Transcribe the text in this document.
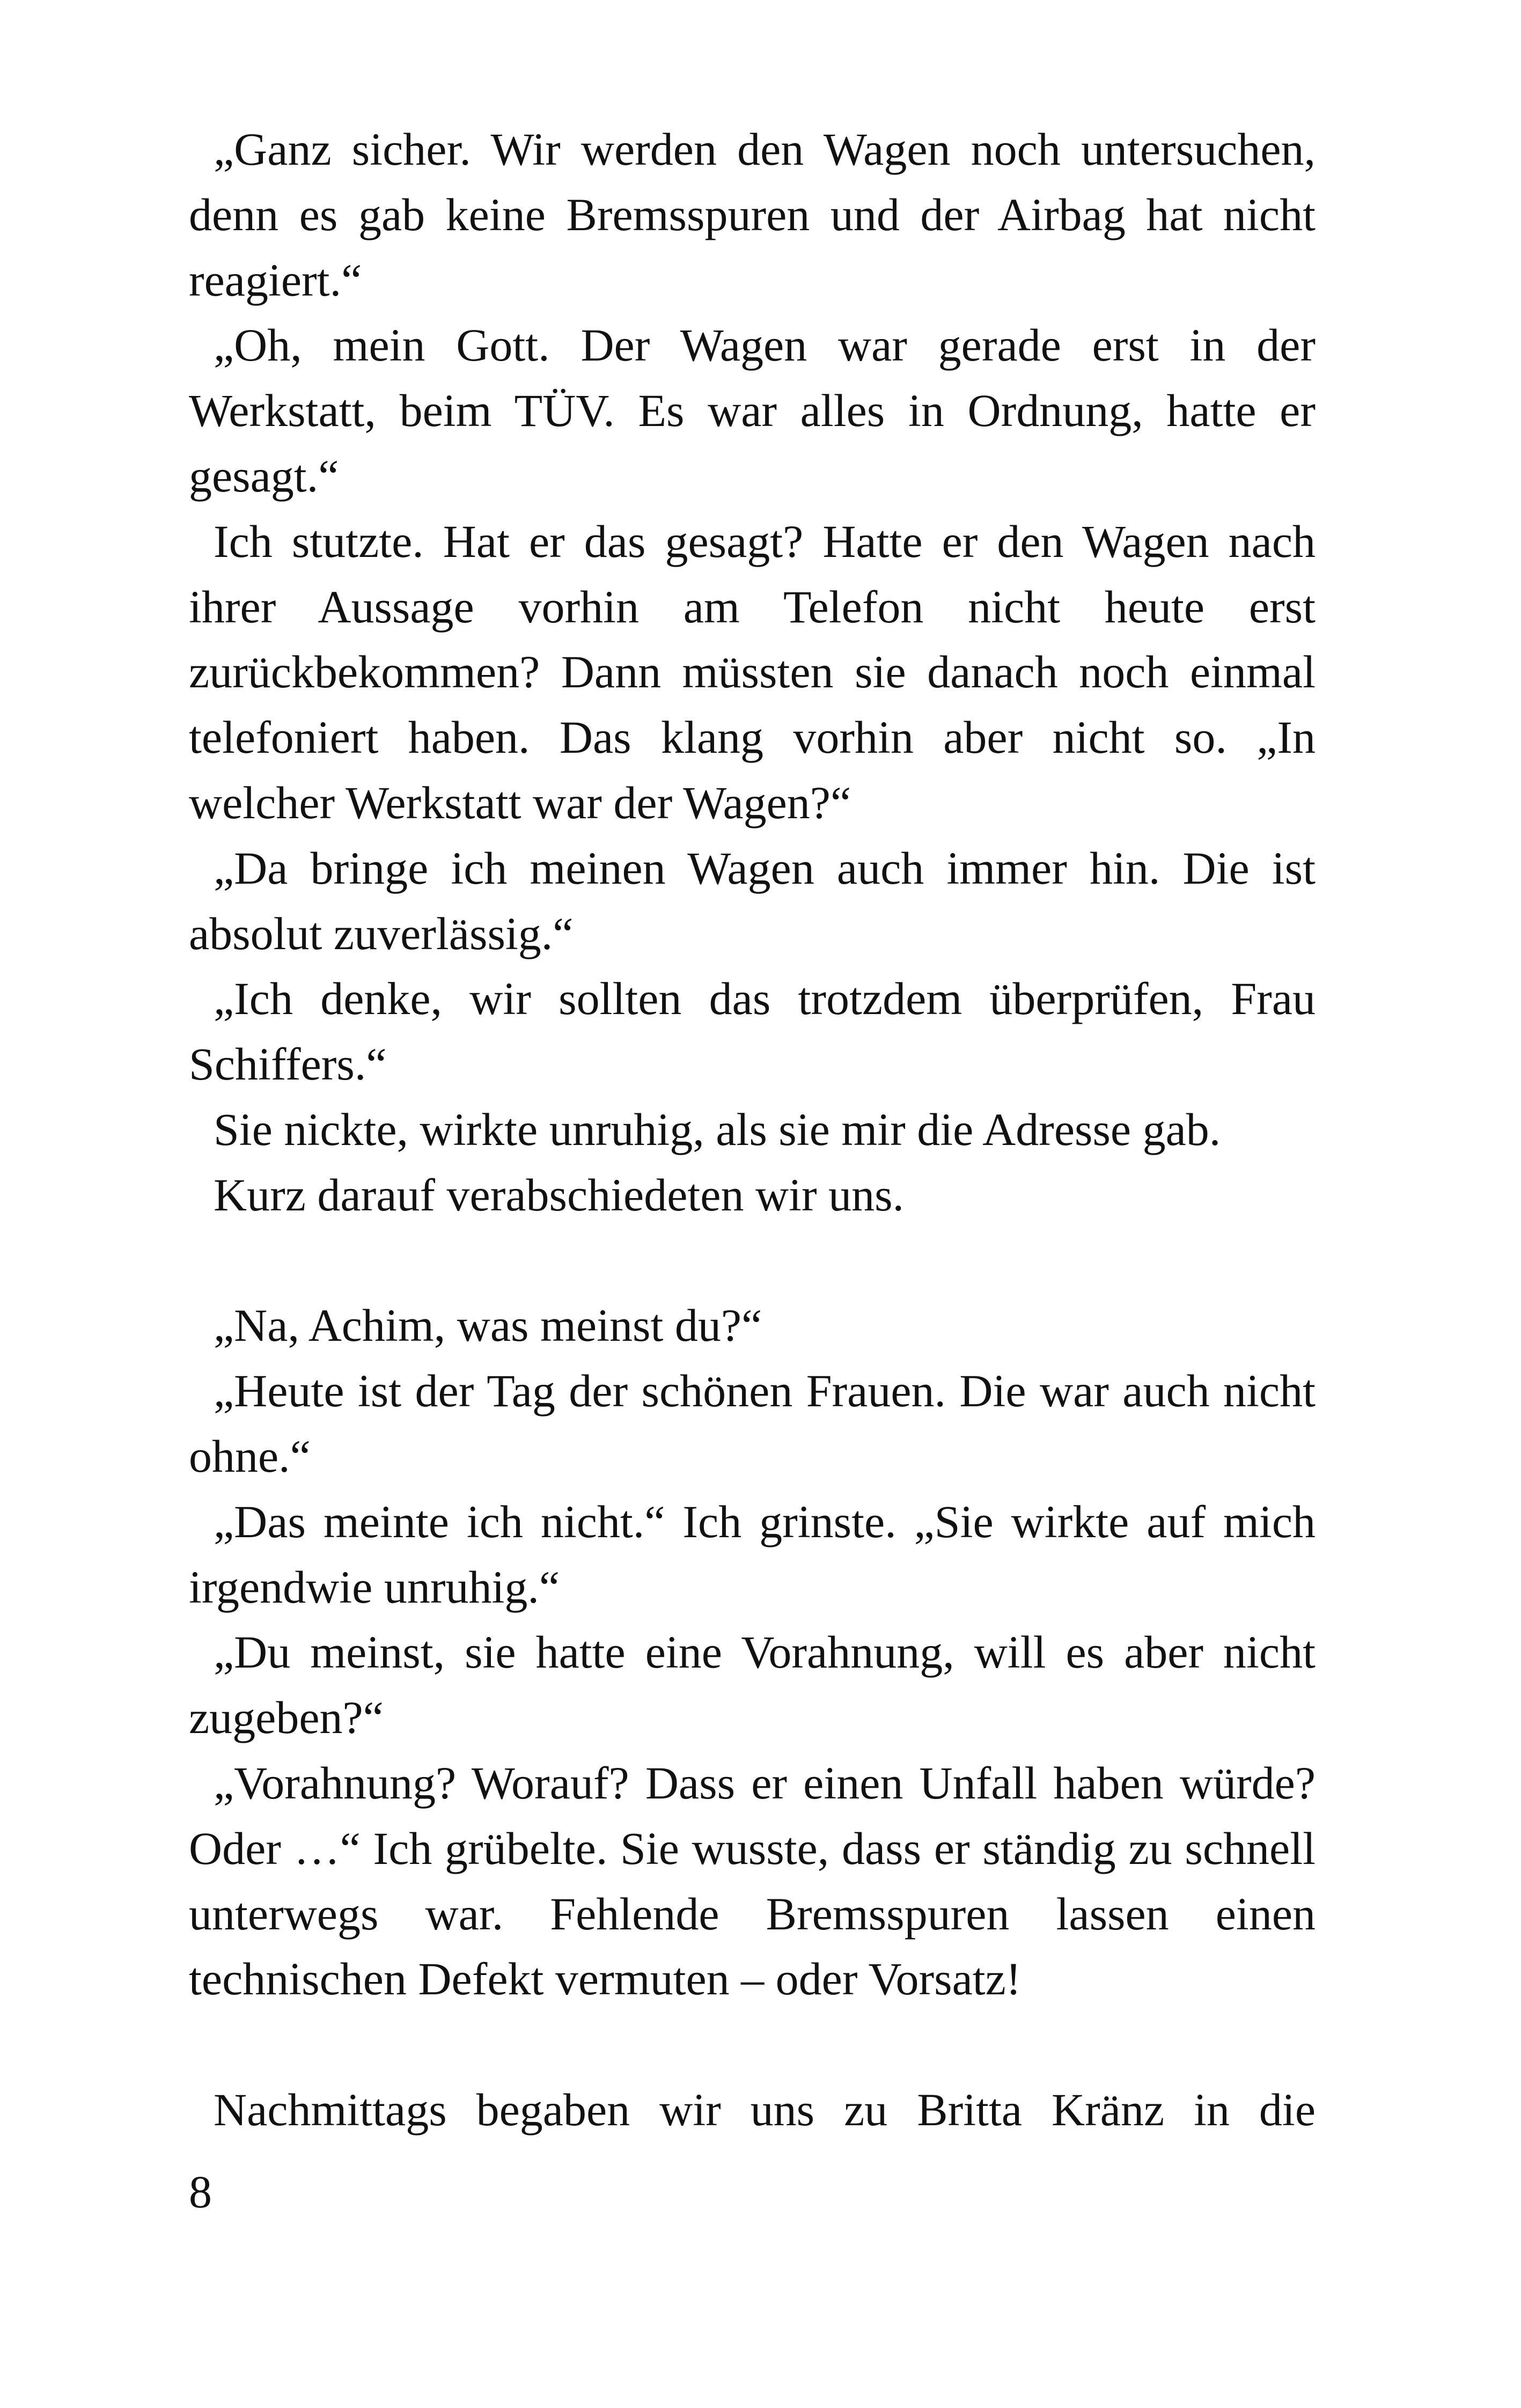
„Ganz sicher. Wir werden den Wagen noch untersuchen, denn es gab keine Bremsspuren und der Airbag hat nicht reagiert.“

„Oh, mein Gott. Der Wagen war gerade erst in der Werkstatt, beim TÜV. Es war alles in Ordnung, hatte er gesagt.“

Ich stutzte. Hat er das gesagt? Hatte er den Wagen nach ihrer Aussage vorhin am Telefon nicht heute erst zurückbekommen? Dann müssten sie danach noch einmal telefoniert haben. Das klang vorhin aber nicht so. „In welcher Werkstatt war der Wagen?“

„Da bringe ich meinen Wagen auch immer hin. Die ist absolut zuverlässig.“

„Ich denke, wir sollten das trotzdem überprüfen, Frau Schiffers.“

Sie nickte, wirkte unruhig, als sie mir die Adresse gab.

Kurz darauf verabschiedeten wir uns.

„Na, Achim, was meinst du?“

„Heute ist der Tag der schönen Frauen. Die war auch nicht ohne.“

„Das meinte ich nicht.“ Ich grinste. „Sie wirkte auf mich irgendwie unruhig.“

„Du meinst, sie hatte eine Vorahnung, will es aber nicht zugeben?“

„Vorahnung? Worauf? Dass er einen Unfall haben würde? Oder …“ Ich grübelte. Sie wusste, dass er ständig zu schnell unterwegs war. Fehlende Bremsspuren lassen einen technischen Defekt vermuten – oder Vorsatz!

Nachmittags begaben wir uns zu Britta Kränz in die

8
